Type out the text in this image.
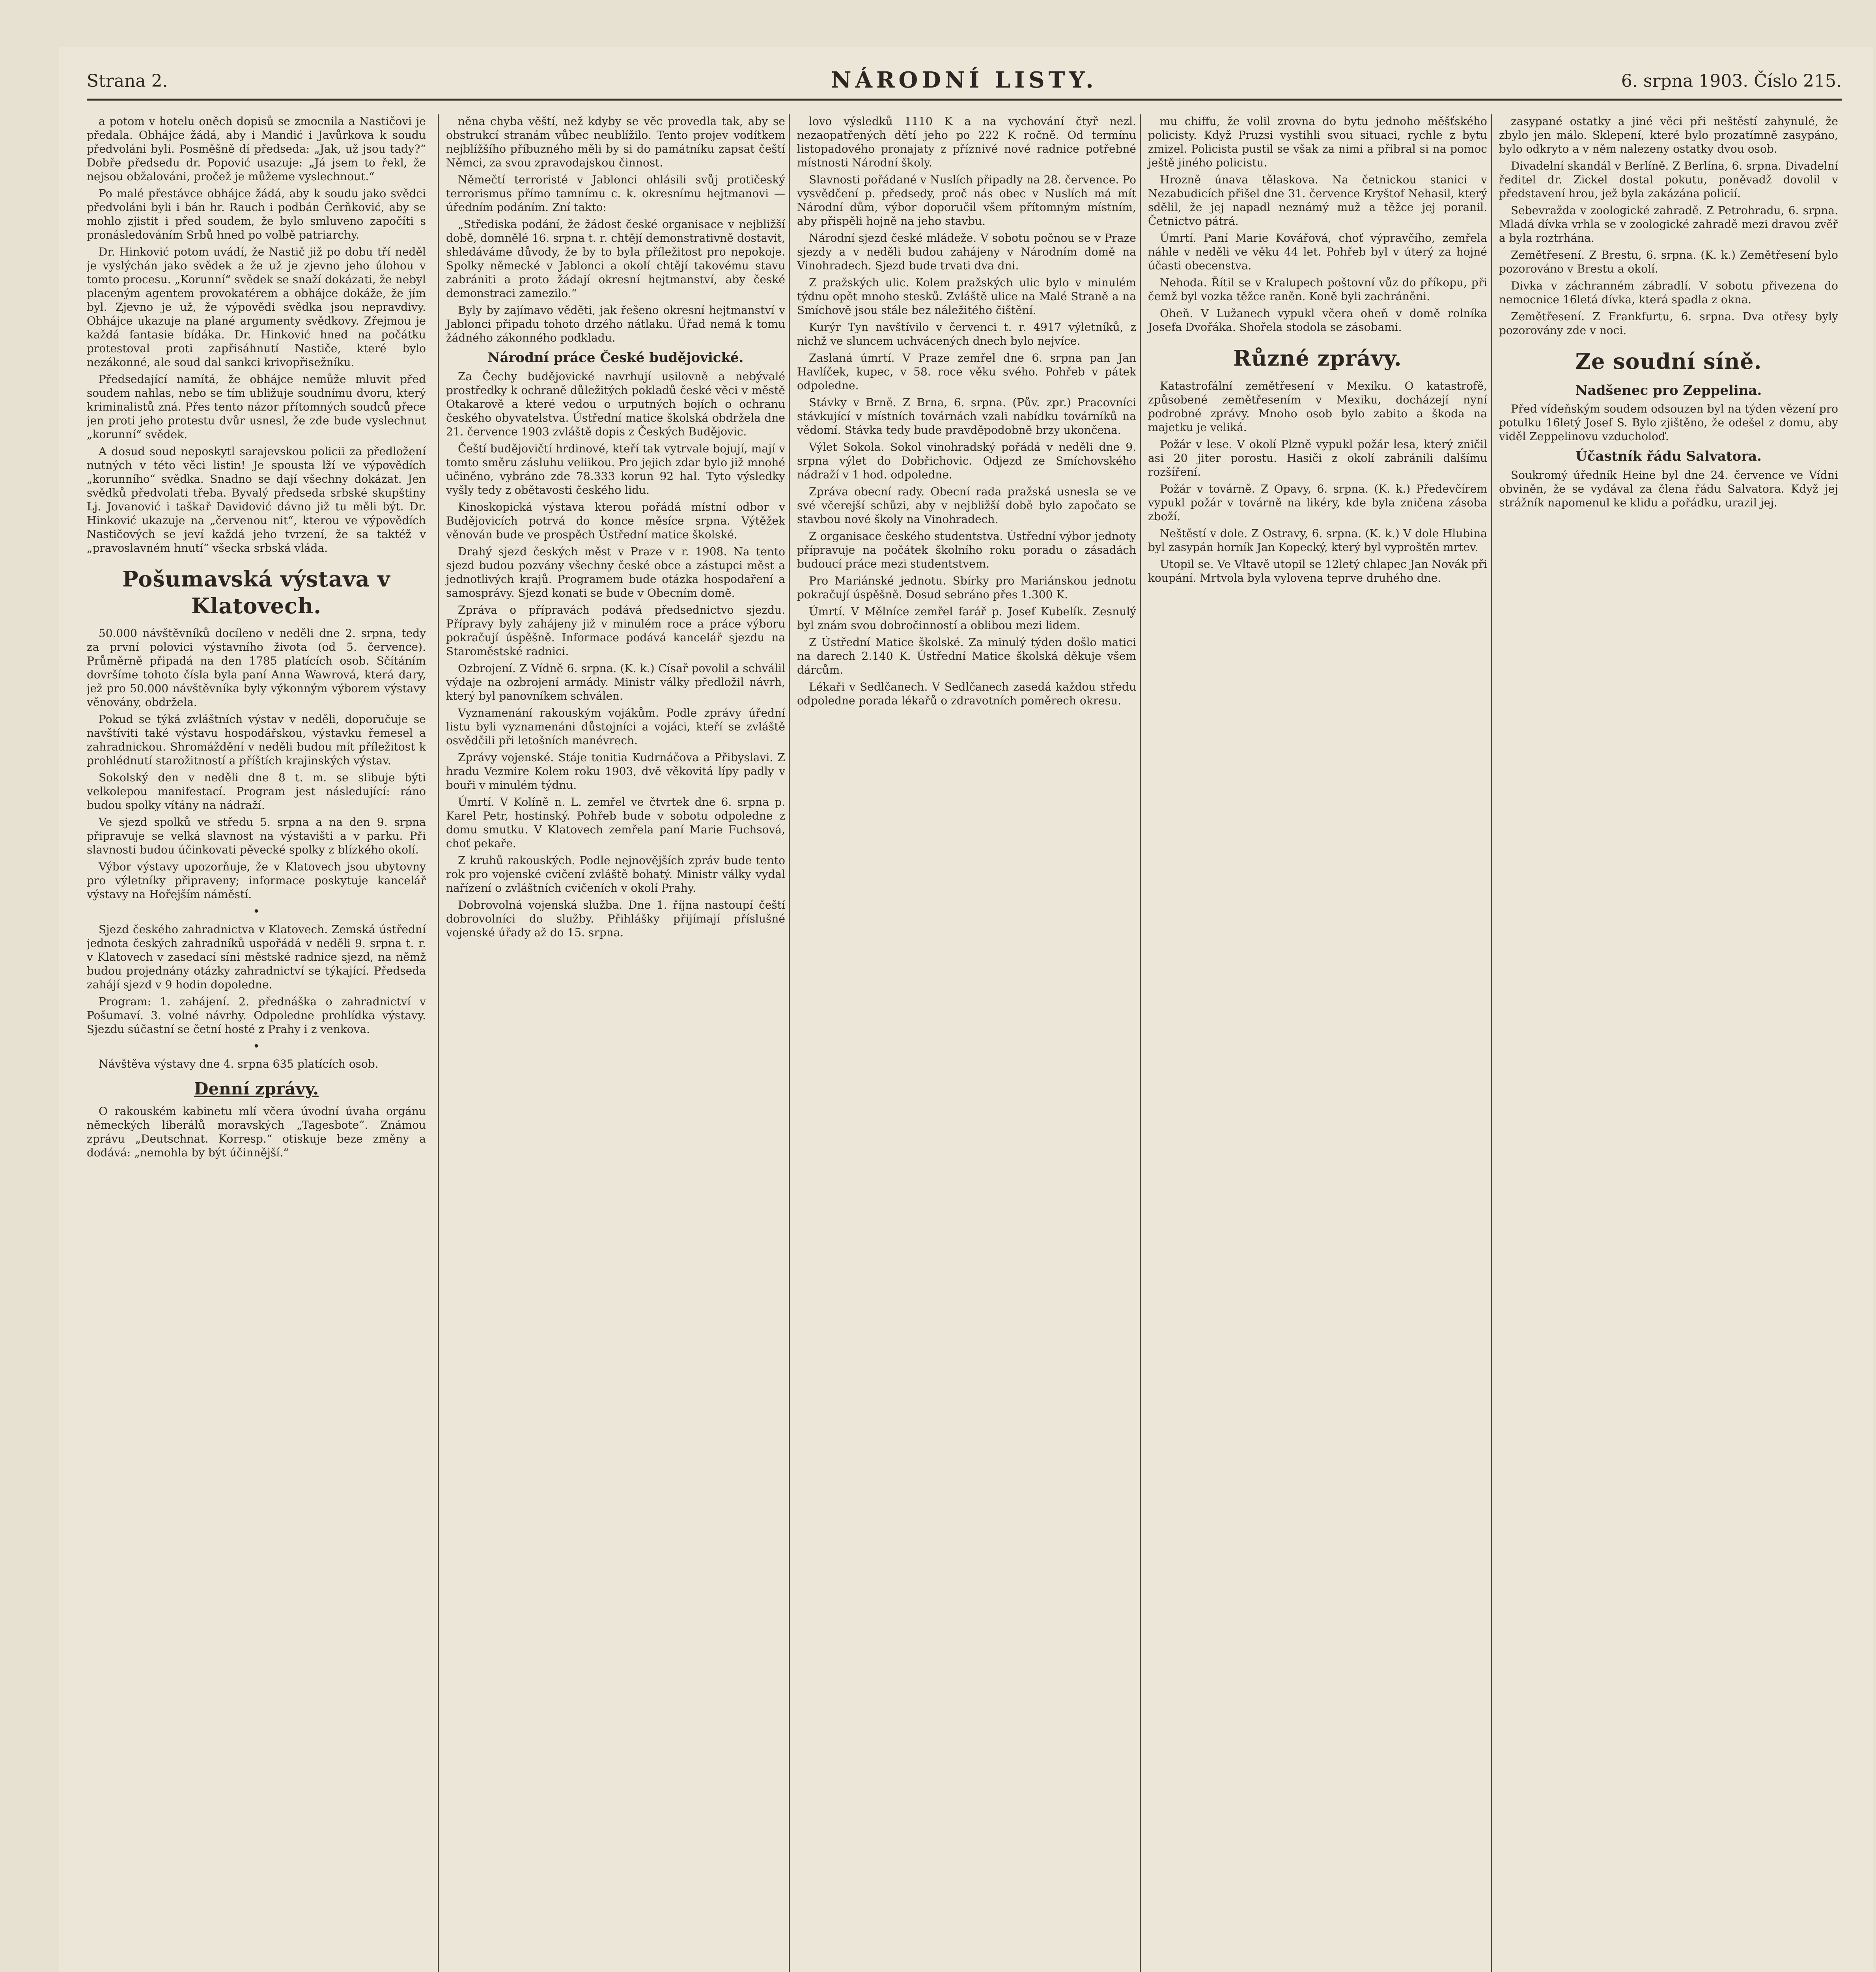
Strana 2.	NÁRODNÍ LISTY.	6. srpna 1903. Číslo 215.

a potom v hotelu oněch dopisů se zmocnila a Nastičovi je předala. Obhájce žádá, aby i Mandić i Javůrkova k soudu předvoláni byli. Posměšně dí předseda: „Jak, už jsou tady?“ Dobře předsedu dr. Popović usazuje: „Já jsem to řekl, že nejsou obžalováni, pročež je můžeme vyslechnout.“

Po malé přestávce obhájce žádá, aby k soudu jako svědci předvoláni byli i bán hr. Rauch i podbán Čerňković, aby se mohlo zjistit i před soudem, že bylo smluveno započíti s pronásledováním Srbů hned po volbě patriarchy.

Dr. Hinković potom uvádí, že Nastič již po dobu tří neděl je vyslýchán jako svědek a že už je zjevno jeho úlohou v tomto procesu. „Korunní“ svědek se snaží dokázati, že nebyl placeným agentem provokatérem a obhájce dokáže, že jím byl. Zjevno je už, že výpovědi svědka jsou nepravdivy. Obhájce ukazuje na plané argumenty svědkovy. Zřejmou je každá fantasie bídáka. Dr. Hinković hned na počátku protestoval proti zapřisáhnutí Nastiče, které bylo nezákonné, ale soud dal sankci krivopřisežníku.

Předsedající namítá, že obhájce nemůže mluvit před soudem nahlas, nebo se tím ubližuje soudnímu dvoru, který kriminalistů zná. Přes tento názor přítomných soudců přece jen proti jeho protestu dvůr usnesl, že zde bude vyslechnut „korunní“ svědek.

A dosud soud neposkytl sarajevskou policii za předložení nutných v této věci listin! Je spousta lží ve výpovědích „korunního“ svědka. Snadno se dají všechny dokázat. Jen svědků předvolati třeba. Byvalý předseda srbské skupštiny Lj. Jovanović i taškař Davidović dávno již tu měli být. Dr. Hinković ukazuje na „červenou nit“, kterou ve výpovědích Nastičových se jeví každá jeho tvrzení, že sa taktéž v „pravoslavném hnutí“ všecka srbská vláda.

Pošumavská výstava v Klatovech.

50.000 návštěvníků docíleno v neděli dne 2. srpna, tedy za první polovici výstavního života (od 5. července). Průměrně připadá na den 1785 platících osob. Sčítáním dovršíme tohoto čísla byla paní Anna Wawrová, která dary, jež pro 50.000 návštěvníka byly výkonným výborem výstavy věnovány, obdržela.

Pokud se týká zvláštních výstav v neděli, doporučuje se navštíviti také výstavu hospodářskou, výstavku řemesel a zahradnickou. Shromáždění v neděli budou mít příležitost k prohlédnutí starožitností a příštích krajinských výstav.

Sokolský den v neděli dne 8 t. m. se slibuje býti velkolepou manifestací. Program jest následující: ráno budou spolky vítány na nádraží.

Ve sjezd spolků ve středu 5. srpna a na den 9. srpna připravuje se velká slavnost na výstavišti a v parku. Při slavnosti budou účinkovati pěvecké spolky z blízkého okolí.

Výbor výstavy upozorňuje, že v Klatovech jsou ubytovny pro výletníky připraveny; informace poskytuje kancelář výstavy na Hořejším náměstí.

•

Sjezd českého zahradnictva v Klatovech. Zemská ústřední jednota českých zahradníků uspořádá v neděli 9. srpna t. r. v Klatovech v zasedací síni městské radnice sjezd, na němž budou projednány otázky zahradnictví se týkající. Předseda zahájí sjezd v 9 hodin dopoledne.

Program: 1. zahájení. 2. přednáška o zahradnictví v Pošumaví. 3. volné návrhy. Odpoledne prohlídka výstavy. Sjezdu súčastní se četní hosté z Prahy i z venkova.

•

Návštěva výstavy dne 4. srpna 635 platících osob.

Denní zprávy.

O rakouském kabinetu mlí včera úvodní úvaha orgánu německých liberálů moravských „Tagesbote“. Známou zprávu „Deutschnat. Korresp.“ otiskuje beze změny a dodává: „nemohla by být účinnější.“

něna chyba věští, než kdyby se věc provedla tak, aby se obstrukcí stranám vůbec neublížilo. Tento projev vodítkem nejblížšího příbuzného měli by si do památníku zapsat čeští Němci, za svou zpravodajskou činnost.

Němečtí terroristé v Jablonci ohlásili svůj protičeský terrorismus přímo tamnímu c. k. okresnímu hejtmanovi — úředním podáním. Zní takto:

„Střediska podání, že žádost české organisace v nejbližší době, domnělé 16. srpna t. r. chtějí demonstrativně dostavit, shledáváme důvody, že by to byla příležitost pro nepokoje. Spolky německé v Jablonci a okolí chtějí takovému stavu zabrániti a proto žádají okresní hejtmanství, aby české demonstraci zamezilo.“

Byly by zajímavo věděti, jak řešeno okresní hejtmanství v Jablonci připadu tohoto drzého nátlaku. Úřad nemá k tomu žádného zákonného podkladu.

Národní práce České budějovické.

Za Čechy budějovické navrhují usilovně a nebývalé prostředky k ochraně důležitých pokladů české věci v městě Otakarově a které vedou o urputných bojích o ochranu českého obyvatelstva. Ústřední matice školská obdržela dne 21. července 1903 zvláště dopis z Českých Budějovic.

Čeští budějovičtí hrdinové, kteří tak vytrvale bojují, mají v tomto směru zásluhu veliikou. Pro jejich zdar bylo již mnohé učiněno, vybráno zde 78.333 korun 92 hal. Tyto výsledky vyšly tedy z obětavosti českého lidu.

Kinoskopická výstava kterou pořádá místní odbor v Budějovicích potrvá do konce měsíce srpna. Výtěžek věnován bude ve prospěch Ústřední matice školské.

Drahý sjezd českých měst v Praze v r. 1908. Na tento sjezd budou pozvány všechny české obce a zástupci měst a jednotlivých krajů. Programem bude otázka hospodaření a samosprávy. Sjezd konati se bude v Obecním domě.

Zpráva o přípravách podává předsednictvo sjezdu. Přípravy byly zahájeny již v minulém roce a práce výboru pokračují úspěšně. Informace podává kancelář sjezdu na Staroměstské radnici.

Ozbrojení. Z Vídně 6. srpna. (K. k.) Císař povolil a schválil výdaje na ozbrojení armády. Ministr války předložil návrh, který byl panovníkem schválen.

Vyznamenání rakouským vojákům. Podle zprávy úřední listu byli vyznamenáni důstojníci a vojáci, kteří se zvláště osvědčili při letošních manévrech.

Zprávy vojenské. Stáje tonitia Kudrnáčova a Přibyslavi. Z hradu Vezmire Kolem roku 1903, dvě věkovitá lípy padly v bouři v minulém týdnu.

Úmrtí. V Kolíně n. L. zemřel ve čtvrtek dne 6. srpna p. Karel Petr, hostinský. Pohřeb bude v sobotu odpoledne z domu smutku. V Klatovech zemřela paní Marie Fuchsová, choť pekaře.

Z kruhů rakouských. Podle nejnovějších zpráv bude tento rok pro vojenské cvičení zvláště bohatý. Ministr války vydal nařízení o zvláštních cvičeních v okolí Prahy.

Dobrovolná vojenská služba. Dne 1. října nastoupí čeští dobrovolníci do služby. Přihlášky přijímají příslušné vojenské úřady až do 15. srpna.

lovo výsledků 1110 K a na vychování čtyř nezl. nezaopatřených dětí jeho po 222 K ročně. Od termínu listopadového pronajaty z příznivé nové radnice potřebné místnosti Národní školy.

Slavnosti pořádané v Nuslích připadly na 28. července. Po vysvědčení p. předsedy, proč nás obec v Nuslích má mít Národní dům, výbor doporučil všem přítomným místním, aby přispěli hojně na jeho stavbu.

Národní sjezd české mládeže. V sobotu počnou se v Praze sjezdy a v neděli budou zahájeny v Národním domě na Vinohradech. Sjezd bude trvati dva dni.

Z pražských ulic. Kolem pražských ulic bylo v minulém týdnu opět mnoho stesků. Zvláště ulice na Malé Straně a na Smíchově jsou stále bez náležitého čištění.

Kurýr Tyn navštívilo v červenci t. r. 4917 výletníků, z nichž ve sluncem uchvácených dnech bylo nejvíce.

Zaslaná úmrtí. V Praze zemřel dne 6. srpna pan Jan Havlíček, kupec, v 58. roce věku svého. Pohřeb v pátek odpoledne.

Stávky v Brně. Z Brna, 6. srpna. (Pův. zpr.) Pracovníci stávkující v místních továrnách vzali nabídku továrníků na vědomí. Stávka tedy bude pravděpodobně brzy ukončena.

Výlet Sokola. Sokol vinohradský pořádá v neděli dne 9. srpna výlet do Dobřichovic. Odjezd ze Smíchovského nádraží v 1 hod. odpoledne.

Zpráva obecní rady. Obecní rada pražská usnesla se ve své včerejší schůzi, aby v nejbližší době bylo započato se stavbou nové školy na Vinohradech.

Z organisace českého studentstva. Ústřední výbor jednoty přípravuje na počátek školního roku poradu o zásadách budoucí práce mezi studentstvem.

Pro Mariánské jednotu. Sbírky pro Mariánskou jednotu pokračují úspěšně. Dosud sebráno přes 1.300 K.

Úmrtí. V Mělníce zemřel farář p. Josef Kubelík. Zesnulý byl znám svou dobročinností a oblibou mezi lidem.

Z Ústřední Matice školské. Za minulý týden došlo matici na darech 2.140 K. Ústřední Matice školská děkuje všem dárcům.

Lékaři v Sedlčanech. V Sedlčanech zasedá každou středu odpoledne porada lékařů o zdravotních poměrech okresu.

mu chiffu, že volil zrovna do bytu jednoho měšťského policisty. Když Pruzsi vystihli svou situaci, rychle z bytu zmizel. Policista pustil se však za nimi a přibral si na pomoc ještě jiného policistu.

Hrozně únava tělaskova. Na četnickou stanici v Nezabudicích přišel dne 31. července Kryštof Nehasil, který sdělil, že jej napadl neznámý muž a těžce jej poranil. Četnictvo pátrá.

Úmrtí. Paní Marie Kovářová, choť výpravčího, zemřela náhle v neděli ve věku 44 let. Pohřeb byl v úterý za hojné účasti obecenstva.

Nehoda. Řítil se v Kralupech poštovní vůz do příkopu, při čemž byl vozka těžce raněn. Koně byli zachráněni.

Oheň. V Lužanech vypukl včera oheň v domě rolníka Josefa Dvořáka. Shořela stodola se zásobami.

Různé zprávy.

Katastrofální zemětřesení v Mexiku. O katastrofě, způsobené zemětřesením v Mexiku, docházejí nyní podrobné zprávy. Mnoho osob bylo zabito a škoda na majetku je veliká.

Požár v lese. V okolí Plzně vypukl požár lesa, který zničil asi 20 jiter porostu. Hasiči z okolí zabránili dalšímu rozšíření.

Požár v továrně. Z Opavy, 6. srpna. (K. k.) Předevčírem vypukl požár v továrně na likéry, kde byla zničena zásoba zboží.

Neštěstí v dole. Z Ostravy, 6. srpna. (K. k.) V dole Hlubina byl zasypán horník Jan Kopecký, který byl vyproštěn mrtev.

Utopil se. Ve Vltavě utopil se 12letý chlapec Jan Novák při koupání. Mrtvola byla vylovena teprve druhého dne.

zasypané ostatky a jiné věci při neštěstí zahynulé, že zbylo jen málo. Sklepení, které bylo prozatímně zasypáno, bylo odkryto a v něm nalezeny ostatky dvou osob.

Divadelní skandál v Berlíně. Z Berlína, 6. srpna. Divadelní ředitel dr. Zickel dostal pokutu, poněvadž dovolil v představení hrou, jež byla zakázána policií.

Sebevražda v zoologické zahradě. Z Petrohradu, 6. srpna. Mladá dívka vrhla se v zoologické zahradě mezi dravou zvěř a byla roztrhána.

Zemětřesení. Z Brestu, 6. srpna. (K. k.) Zemětřesení bylo pozorováno v Brestu a okolí.

Divka v záchranném zábradlí. V sobotu přivezena do nemocnice 16letá dívka, která spadla z okna.

Zemětřesení. Z Frankfurtu, 6. srpna. Dva otřesy byly pozorovány zde v noci.

Ze soudní síně.
Nadšenec pro Zeppelina.

Před vídeňským soudem odsouzen byl na týden vězení pro potulku 16letý Josef S. Bylo zjištěno, že odešel z domu, aby viděl Zeppelinovu vzducholoď.

Účastník řádu Salvatora.

Soukromý úředník Heine byl dne 24. července ve Vídni obviněn, že se vydával za člena řádu Salvatora. Když jej strážník napomenul ke klidu a pořádku, urazil jej.
